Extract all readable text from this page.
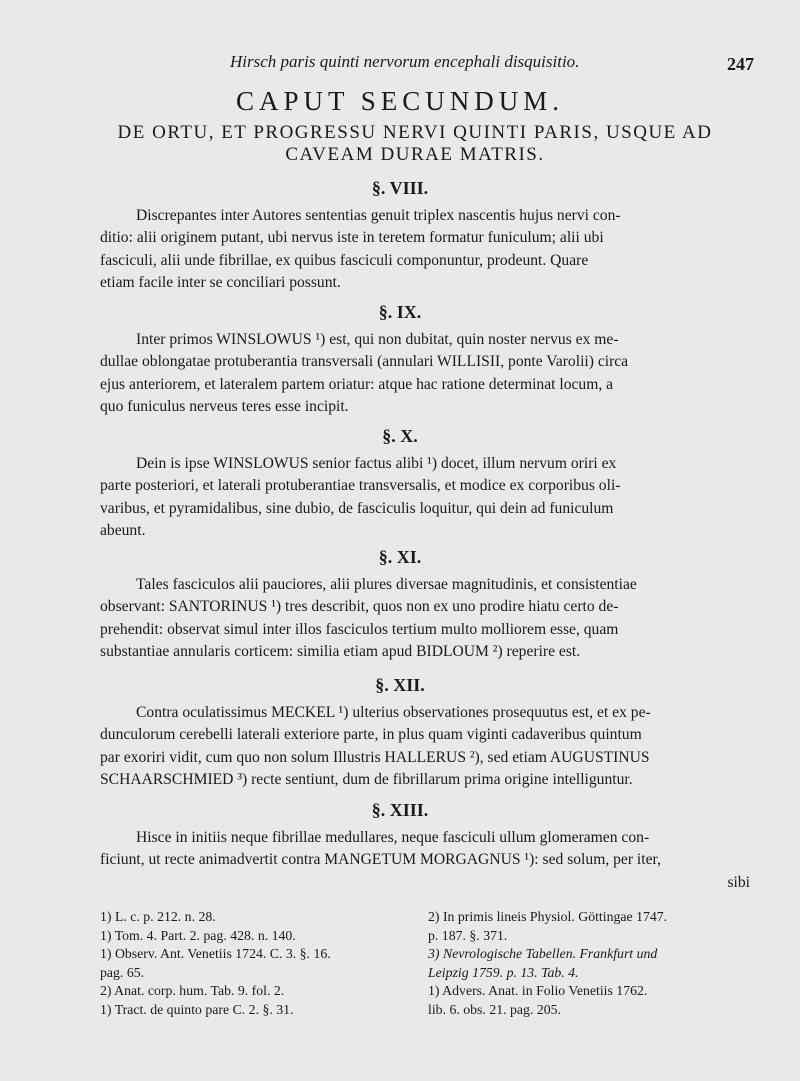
Hirsch paris quinti nervorum encephali disquisitio.	247
CAPUT SECUNDUM.
DE ORTU, ET PROGRESSU NERVI QUINTI PARIS, USQUE AD
CAVEAM DURAE MATRIS.
§. VIII.
Discrepantes inter Autores sententias genuit triplex nascentis hujus nervi con-
ditio: alii originem putant, ubi nervus iste in teretem formatur funiculum; alii ubi
fasciculi, alii unde fibrillae, ex quibus fasciculi componuntur, prodeunt. Quare
etiam facile inter se conciliari possunt.
§. IX.
Inter primos WINSLOWUS ¹) est, qui non dubitat, quin noster nervus ex me-
dullae oblongatae protuberantia transversali (annulari WILLISII, ponte Varolii) circa
ejus anteriorem, et lateralem partem oriatur: atque hac ratione determinat locum, a
quo funiculus nerveus teres esse incipit.
§. X.
Dein is ipse WINSLOWUS senior factus alibi ¹) docet, illum nervum oriri ex
parte posteriori, et laterali protuberantiae transversalis, et modice ex corporibus oli-
varibus, et pyramidalibus, sine dubio, de fasciculis loquitur, qui dein ad funiculum
abeunt.
§. XI.
Tales fasciculos alii pauciores, alii plures diversae magnitudinis, et consistentiae
observant: SANTORINUS ¹) tres describit, quos non ex uno prodire hiatu certo de-
prehendit: observat simul inter illos fasciculos tertium multo molliorem esse, quam
substantiae annularis corticem: similia etiam apud BIDLOUM ²) reperire est.
§. XII.
Contra oculatissimus MECKEL ¹) ulterius observationes prosequutus est, et ex pe-
dunculorum cerebelli laterali exteriore parte, in plus quam viginti cadaveribus quintum
par exoriri vidit, cum quo non solum Illustris HALLERUS ²), sed etiam AUGUSTINUS
SCHAARSCHMIED ³) recte sentiunt, dum de fibrillarum prima origine intelliguntur.
§. XIII.
Hisce in initiis neque fibrillae medullares, neque fasciculi ullum glomeramen con-
ficiunt, ut recte animadvertit contra MANGETUM MORGAGNUS ¹): sed solum, per iter,
sibi
1) L. c. p. 212. n. 28.
1) Tom. 4. Part. 2. pag. 428. n. 140.
1) Observ. Ant. Venetiis 1724. C. 3. §. 16.
pag. 65.
2) Anat. corp. hum. Tab. 9. fol. 2.
1) Tract. de quinto pare C. 2. §. 31.
2) In primis lineis Physiol. Göttingae 1747.
p. 187. §. 371.
3) Nevrologische Tabellen. Frankfurt und
Leipzig 1759. p. 13. Tab. 4.
1) Advers. Anat. in Folio Venetiis 1762.
lib. 6. obs. 21. pag. 205.
